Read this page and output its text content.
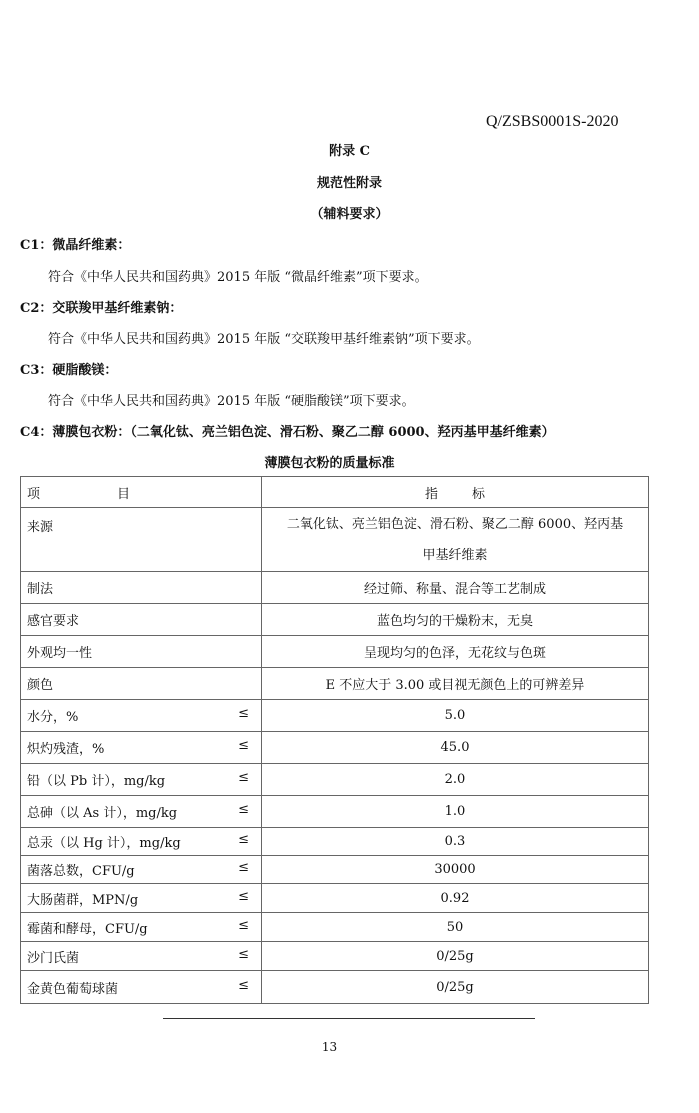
Q/ZSBS0001S-2020
附录 C
规范性附录
（辅料要求）
C1：微晶纤维素：
符合《中华人民共和国药典》2015 年版 “微晶纤维素”项下要求。
C2：交联羧甲基纤维素钠：
符合《中华人民共和国药典》2015 年版 “交联羧甲基纤维素钠”项下要求。
C3：硬脂酸镁：
符合《中华人民共和国药典》2015 年版 “硬脂酸镁”项下要求。
C4：薄膜包衣粉：（二氧化钛、亮兰铝色淀、滑石粉、聚乙二醇 6000、羟丙基甲基纤维素）
薄膜包衣粉的质量标准
项 目	指 标
来源	二氧化钛、亮兰铝色淀、滑石粉、聚乙二醇 6000、羟丙基
甲基纤维素

制法	经过筛、称量、混合等工艺制成
感官要求	蓝色均匀的干燥粉末，无臭
外观均一性	呈现均匀的色泽，无花纹与色斑
颜色	E 不应大于 3.00 或目视无颜色上的可辨差异
水分，% ≤	5.0
炽灼残渣，% ≤	45.0
铅（以 Pb 计），mg/kg ≤	2.0
总砷（以 As 计），mg/kg ≤	1.0
总汞（以 Hg 计），mg/kg ≤	0.3
菌落总数，CFU/g ≤	30000
大肠菌群，MPN/g ≤	0.92
霉菌和酵母，CFU/g ≤	50
沙门氏菌 ≤	0/25g
金黄色葡萄球菌 ≤	0/25g
13
